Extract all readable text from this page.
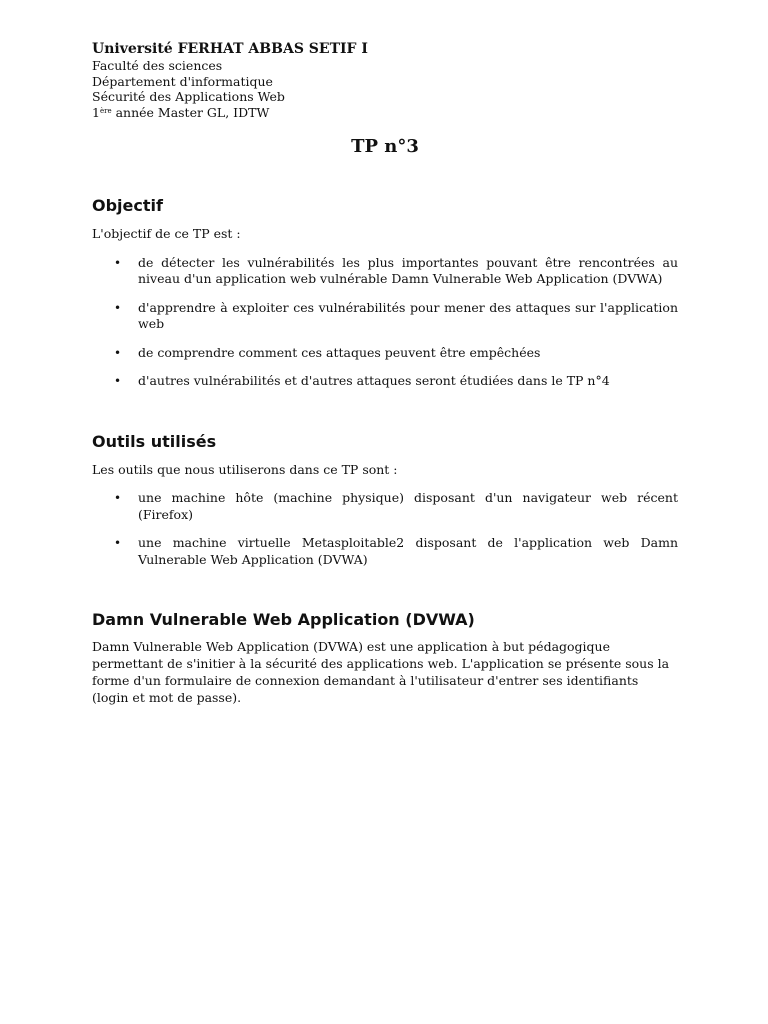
Université FERHAT ABBAS SETIF I
Faculté des sciences
Département d'informatique
Sécurité des Applications Web
1ère année Master GL, IDTW
TP n°3
Objectif

L'objectif de ce TP est :

• de détecter les vulnérabilités les plus importantes pouvant être rencontrées au niveau d'un application web vulnérable Damn Vulnerable Web Application (DVWA)
• d'apprendre à exploiter ces vulnérabilités pour mener des attaques sur l'application web
• de comprendre comment ces attaques peuvent être empêchées
• d'autres vulnérabilités et d'autres attaques seront étudiées dans le TP n°4
Outils utilisés

Les outils que nous utiliserons dans ce TP sont :

• une machine hôte (machine physique) disposant d'un navigateur web récent (Firefox)
• une machine virtuelle Metasploitable2 disposant de l'application web Damn Vulnerable Web Application (DVWA)
Damn Vulnerable Web Application (DVWA)

Damn Vulnerable Web Application (DVWA) est une application à but pédagogique permettant de s'initier à la sécurité des applications web. L'application se présente sous la forme d'un formulaire de connexion demandant à l'utilisateur d'entrer ses identifiants (login et mot de passe).
